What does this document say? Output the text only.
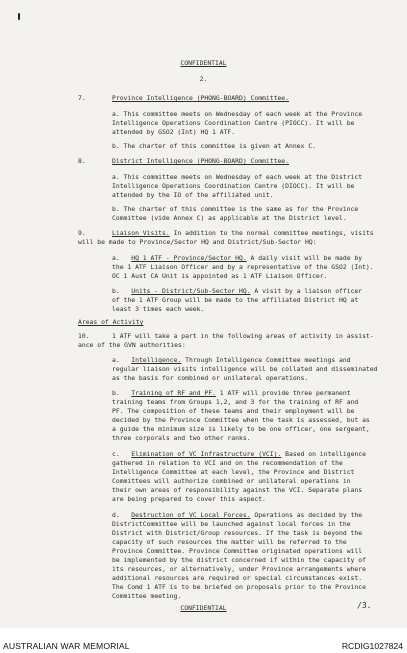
CONFIDENTIAL
2.
7.	Province Intelligence (PHONG-BOARD) Committee.
a. This committee meets on Wednesday of each week at the Province
Intelligence Operations Coordination Centre (PIOCC). It will be
attended by GSO2 (Int) HQ 1 ATF.
b. The charter of this committee is given at Annex C.
8.	District Intelligence (PHONG-BOARD) Committee.
a. This committee meets on Wednesday of each week at the District
Intelligence Operations Coordination Centre (DIOCC). It will be
attended by the IO of the affiliated unit.
b. The charter of this committee is the same as for the Province
Committee (vide Annex C) as applicable at the District level.
9.	Liaison Visits. In addition to the normal committee meetings, visits
will be made to Province/Sector HQ and District/Sub-Sector HQ:
a.   HQ 1 ATF - Province/Sector HQ. A daily visit will be made by
the 1 ATF Liaison Officer and by a representative of the GSO2 (Int).
OC 1 Aust CA Unit is appointed as 1 ATF Liaison Officer.
b.   Units - District/Sub-Sector HQ. A visit by a liaison officer
of the 1 ATF Group will be made to the affiliated District HQ at
least 3 times each week.
Areas of Activity
10.	1 ATF will take a part in the following areas of activity in assist-
ance of the GVN authorities:
a.   Intelligence. Through Intelligence Committee meetings and
regular liaison visits intelligence will be collated and disseminated
as the basis for combined or unilateral operations.
b.   Training of RF and PF. 1 ATF will provide three permanent
training teams from Groups 1,2, and 3 for the training of RF and
PF. The composition of these teams and their employment will be
decided by the Province Committee when the task is assessed, but as
a guide the minimum size is likely to be one officer, one sergeant,
three corporals and two other ranks.
c.   Elimination of VC Infrastructure (VCI). Based on intelligence
gathered in relation to VCI and on the recommendation of the
Intelligence Committee at each level, the Province and District
Committees will authorize combined or unilateral operations in
their own areas of responsibility against the VCI. Separate plans
are being prepared to cover this aspect.
d.   Destruction of VC Local Forces. Operations as decided by the
DistrictCommittee will be launched against local forces in the
District with District/Group resources. If the task is beyond the
capacity of such resources the matter will be referred to the
Province Committee. Province Committee originated operations will
be implemented by the district concerned if within the capacity of
its resources, or alternatively, under Province arrangements where
additional resources are required or special circumstances exist.
The Comd 1 ATF is to be briefed on proposals prior to the Province
Committee meeting.
CONFIDENTIAL	/3.
AUSTRALIAN WAR MEMORIAL	RCDIG1027824
